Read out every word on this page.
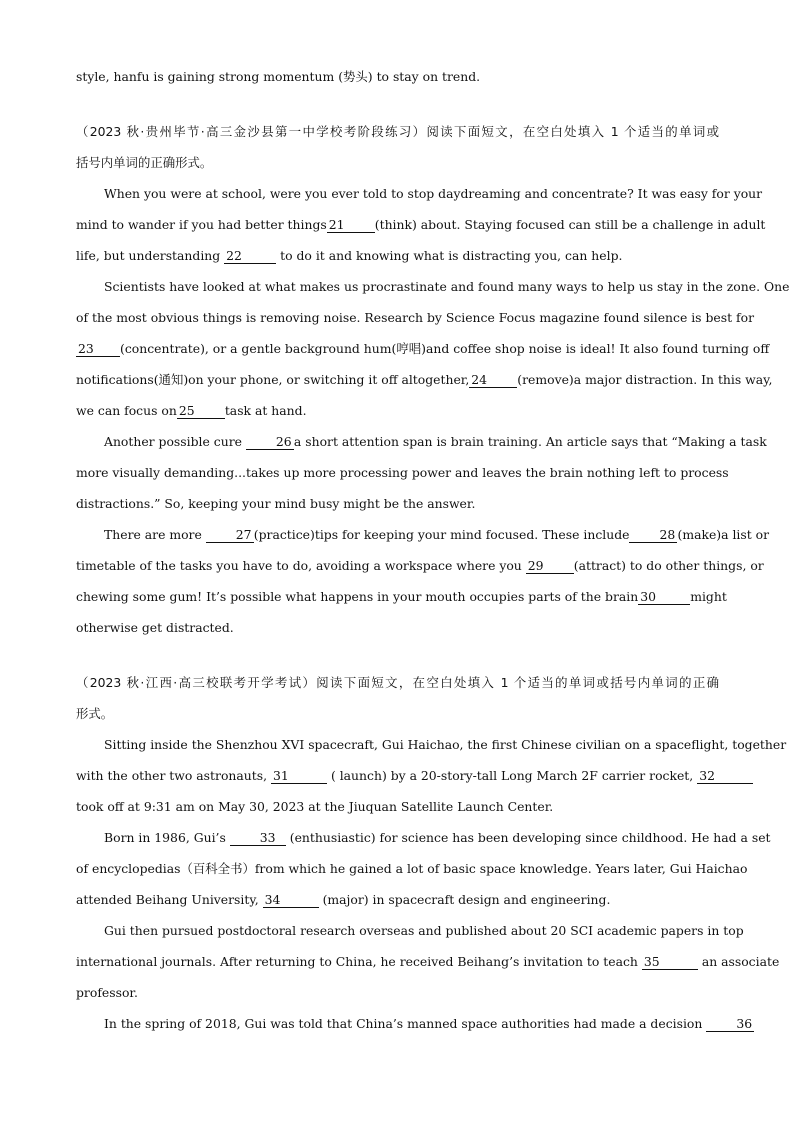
style, hanfu is gaining strong momentum (势头) to stay on trend.
（2023 秋·贵州毕节·高三金沙县第一中学校考阶段练习）阅读下面短文，在空白处填入 1 个适当的单词或
括号内单词的正确形式。
When you were at school, were you ever told to stop daydreaming and concentrate? It was easy for your
mind to wander if you had better things 21 (think) about. Staying focused can still be a challenge in adult
life, but understanding 22	to do it and knowing what is distracting you, can help.
Scientists have looked at what makes us procrastinate and found many ways to help us stay in the zone. One
of the most obvious things is removing noise. Research by Science Focus magazine found silence is best for
23 (concentrate), or a gentle background hum(哼唱)and coffee shop noise is ideal! It also found turning off
notifications(通知)on your phone, or switching it off altogether, 24 (remove)a major distraction. In this way,
we can focus on 25 task at hand.
Another possible cure	26 a short attention span is brain training. An article says that “Making a task
more visually demanding...takes up more processing power and leaves the brain nothing left to process
distractions.” So, keeping your mind busy might be the answer.
There are more	27 (practice)tips for keeping your mind focused. These include 28 (make)a list or
timetable of the tasks you have to do, avoiding a workspace where you 29 (attract) to do other things, or
chewing some gum! It’s possible what happens in your mouth occupies parts of the brain 30	might
otherwise get distracted.
（2023 秋·江西·高三校联考开学考试）阅读下面短文，在空白处填入 1 个适当的单词或括号内单词的正确
形式。
Sitting inside the Shenzhou XVI spacecraft, Gui Haichao, the first Chinese civilian on a spaceflight, together
with the other two astronauts, 31	( launch) by a 20-story-tall Long March 2F carrier rocket, 32
took off at 9:31 am on May 30, 2023 at the Jiuquan Satellite Launch Center.
Born in 1986, Gui’s	33 (enthusiastic) for science has been developing since childhood. He had a set
of encyclopedias（百科全书）from which he gained a lot of basic space knowledge. Years later, Gui Haichao
attended Beihang University, 34	(major) in spacecraft design and engineering.
Gui then pursued postdoctoral research overseas and published about 20 SCI academic papers in top
international journals. After returning to China, he received Beihang’s invitation to teach 35	an associate
professor.
In the spring of 2018, Gui was told that China’s manned space authorities had made a decision	36
